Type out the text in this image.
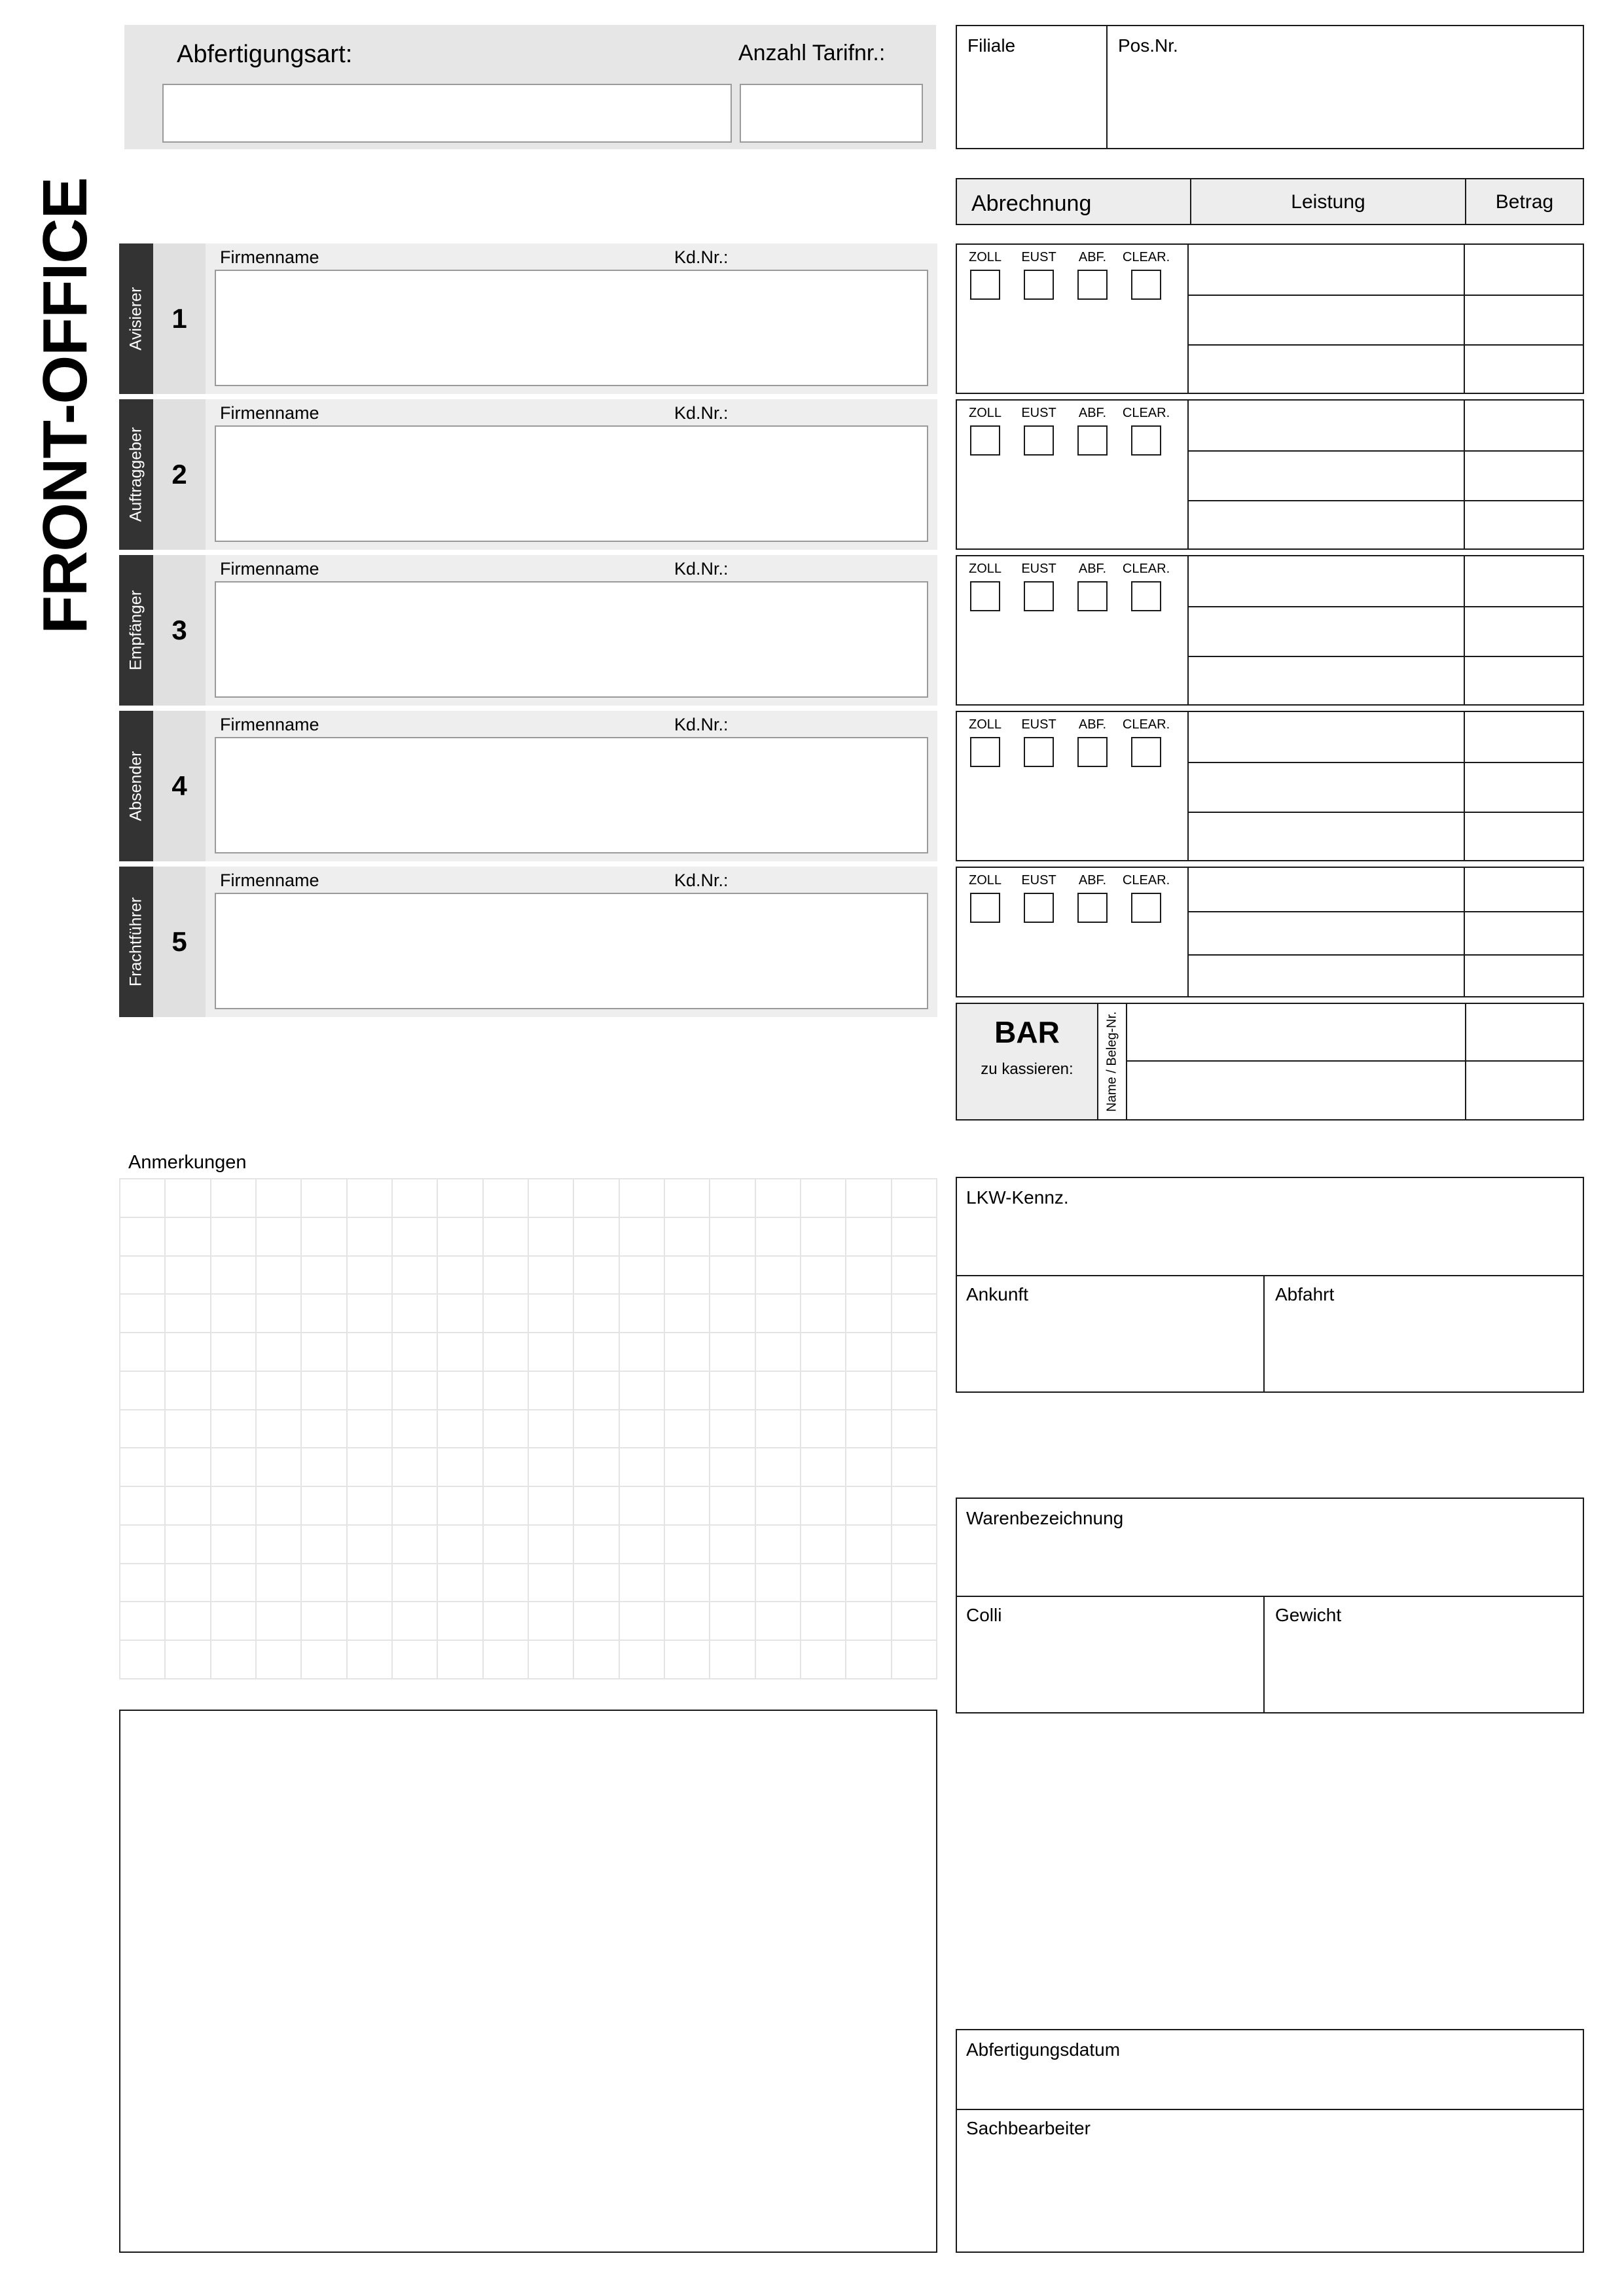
FRONT-OFFICE
Abfertigungsart:	Anzahl Tarifnr.:	Filiale	Pos.Nr.
Avisierer 1
Firmenname	Kd.Nr.:
Auftraggeber 2
Firmenname	Kd.Nr.:
Empfänger 3
Firmenname	Kd.Nr.:
Absender 4
Firmenname	Kd.Nr.:
Frachtführer 5
Firmenname	Kd.Nr.:
Abrechnung	Leistung	Betrag
ZOLL	EUST	ABF.	CLEAR.
ZOLL	EUST	ABF.	CLEAR.
ZOLL	EUST	ABF.	CLEAR.
ZOLL	EUST	ABF.	CLEAR.
ZOLL	EUST	ABF.	CLEAR.
BAR
zu kassieren:	Name / Beleg-Nr.
Anmerkungen

LKW-Kennz.
Ankunft	Abfahrt
Warenbezeichnung
Colli	Gewicht
Abfertigungsdatum
Sachbearbeiter
